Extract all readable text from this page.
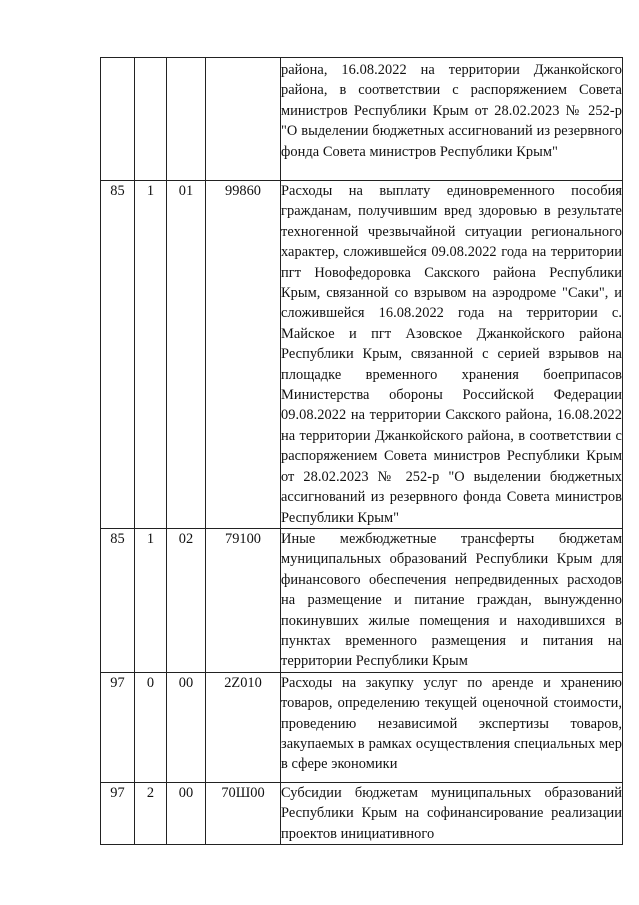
				района, 16.08.2022 на территории Джанкойского района, в соответствии с распоряжением Совета министров Республики Крым от 28.02.2023 № 252-р "О выделении бюджетных ассигнований из резервного фонда Совета министров Республики Крым"
85	1	01	99860	Расходы на выплату единовременного пособия гражданам, получившим вред здоровью в результате техногенной чрезвычайной ситуации регионального характер, сложившейся 09.08.2022 года на территории пгт Новофедоровка Сакского района Республики Крым, связанной со взрывом на аэродроме "Саки", и сложившейся 16.08.2022 года на территории с. Майское и пгт Азовское Джанкойского района Республики Крым, связанной с серией взрывов на площадке временного хранения боеприпасов Министерства обороны Российской Федерации 09.08.2022 на территории Сакского района, 16.08.2022 на территории Джанкойского района, в соответствии с распоряжением Совета министров Республики Крым от 28.02.2023 № 252-р "О выделении бюджетных ассигнований из резервного фонда Совета министров Республики Крым"
85	1	02	79100	Иные межбюджетные трансферты бюджетам муниципальных образований Республики Крым для финансового обеспечения непредвиденных расходов на размещение и питание граждан, вынужденно покинувших жилые помещения и находившихся в пунктах временного размещения и питания на территории Республики Крым
97	0	00	2Z010	Расходы на закупку услуг по аренде и хранению товаров, определению текущей оценочной стоимости, проведению независимой экспертизы товаров, закупаемых в рамках осуществления специальных мер в сфере экономики
97	2	00	70Ш00	Субсидии бюджетам муниципальных образований Республики Крым на софинансирование реализации проектов инициативного
